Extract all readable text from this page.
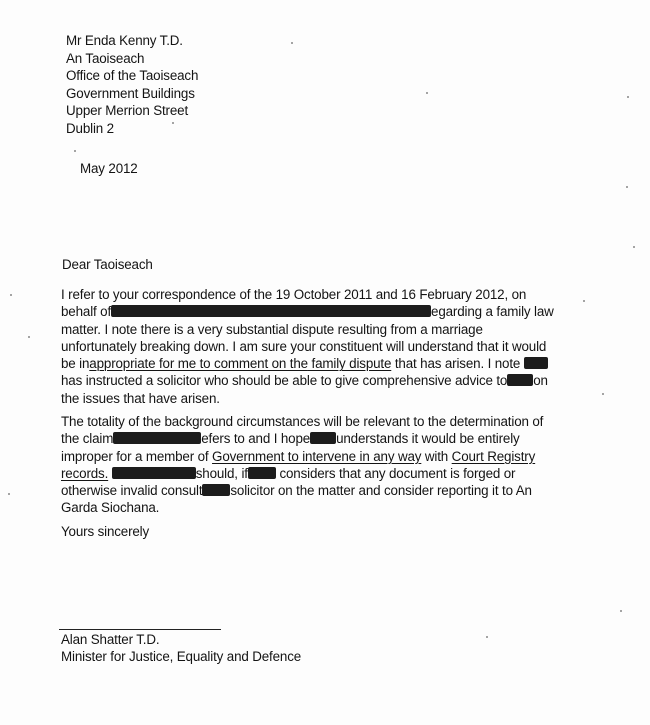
Mr Enda Kenny T.D.
An Taoiseach
Office of the Taoiseach
Government Buildings
Upper Merrion Street
Dublin 2
May 2012
Dear Taoiseach
I refer to your correspondence of the 19 October 2011 and 16 February 2012, on
behalf of	egarding a family law
matter. I note there is a very substantial dispute resulting from a marriage
unfortunately breaking down. I am sure your constituent will understand that it would
be inappropriate for me to comment on the family dispute that has arisen. I note
has instructed a solicitor who should be able to give comprehensive advice to on
the issues that have arisen.
The totality of the background circumstances will be relevant to the determination of
the claim	efers to and I hope understands it would be entirely
improper for a member of Government to intervene in any way with Court Registry
records.	should, if considers that any document is forged or
otherwise invalid consult solicitor on the matter and consider reporting it to An
Garda Siochana.
Yours sincerely
Alan Shatter T.D.
Minister for Justice, Equality and Defence
